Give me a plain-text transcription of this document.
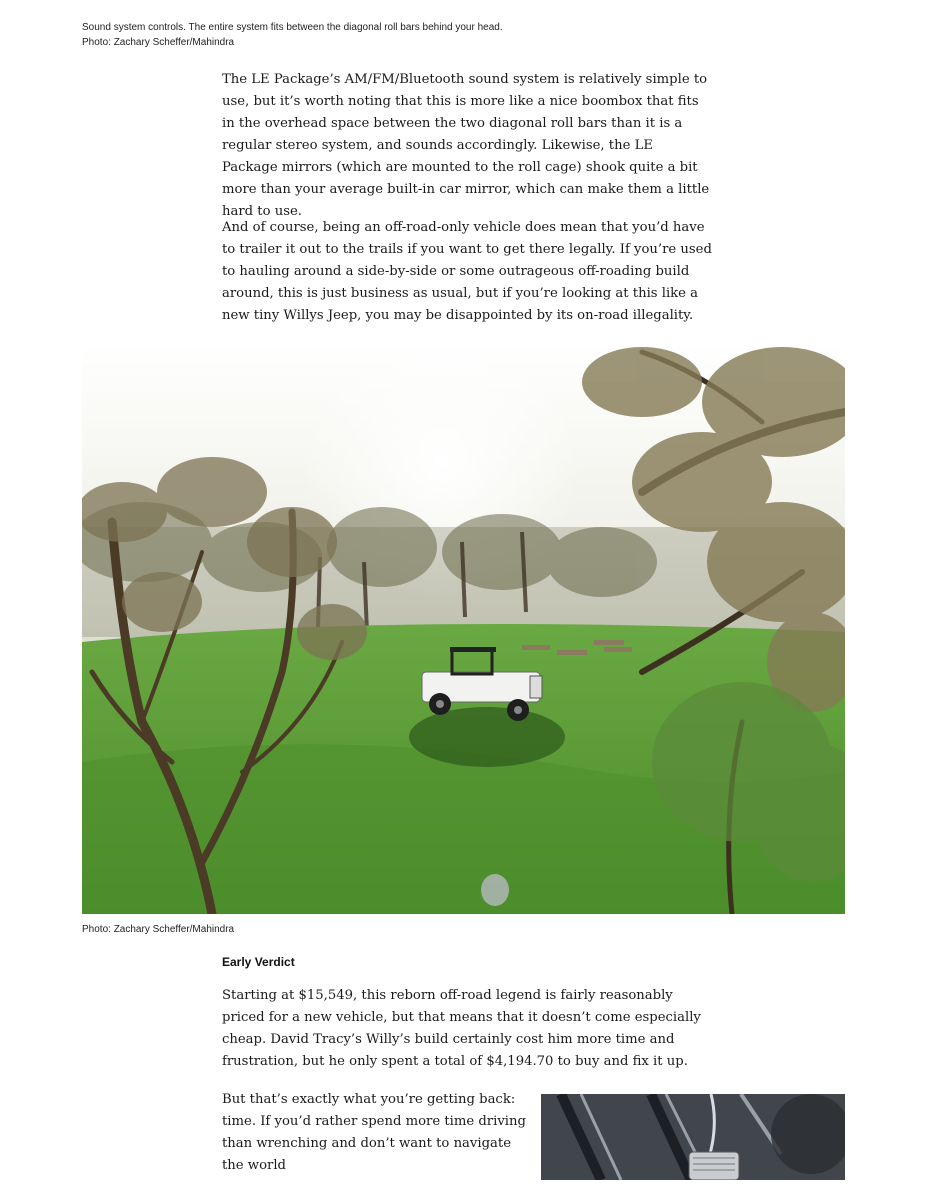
Sound system controls. The entire system fits between the diagonal roll bars behind your head.
Photo: Zachary Scheffer/Mahindra

The LE Package’s AM/FM/Bluetooth sound system is relatively simple to use, but it’s worth noting that this is more like a nice boombox that fits in the overhead space between the two diagonal roll bars than it is a regular stereo system, and sounds accordingly. Likewise, the LE Package mirrors (which are mounted to the roll cage) shook quite a bit more than your average built-in car mirror, which can make them a little hard to use.

And of course, being an off-road-only vehicle does mean that you’d have to trailer it out to the trails if you want to get there legally. If you’re used to hauling around a side-by-side or some outrageous off-roading build around, this is just business as usual, but if you’re looking at this like a new tiny Willys Jeep, you may be disappointed by its on-road illegality.

Photo: Zachary Scheffer/Mahindra
Early Verdict

Starting at $15,549, this reborn off-road legend is fairly reasonably priced for a new vehicle, but that means that it doesn’t come especially cheap. David Tracy’s Willy’s build certainly cost him more time and frustration, but he only spent a total of $4,194.70 to buy and fix it up.

But that’s exactly what you’re getting back: time. If you’d rather spend more time driving than wrenching and don’t want to navigate the world
